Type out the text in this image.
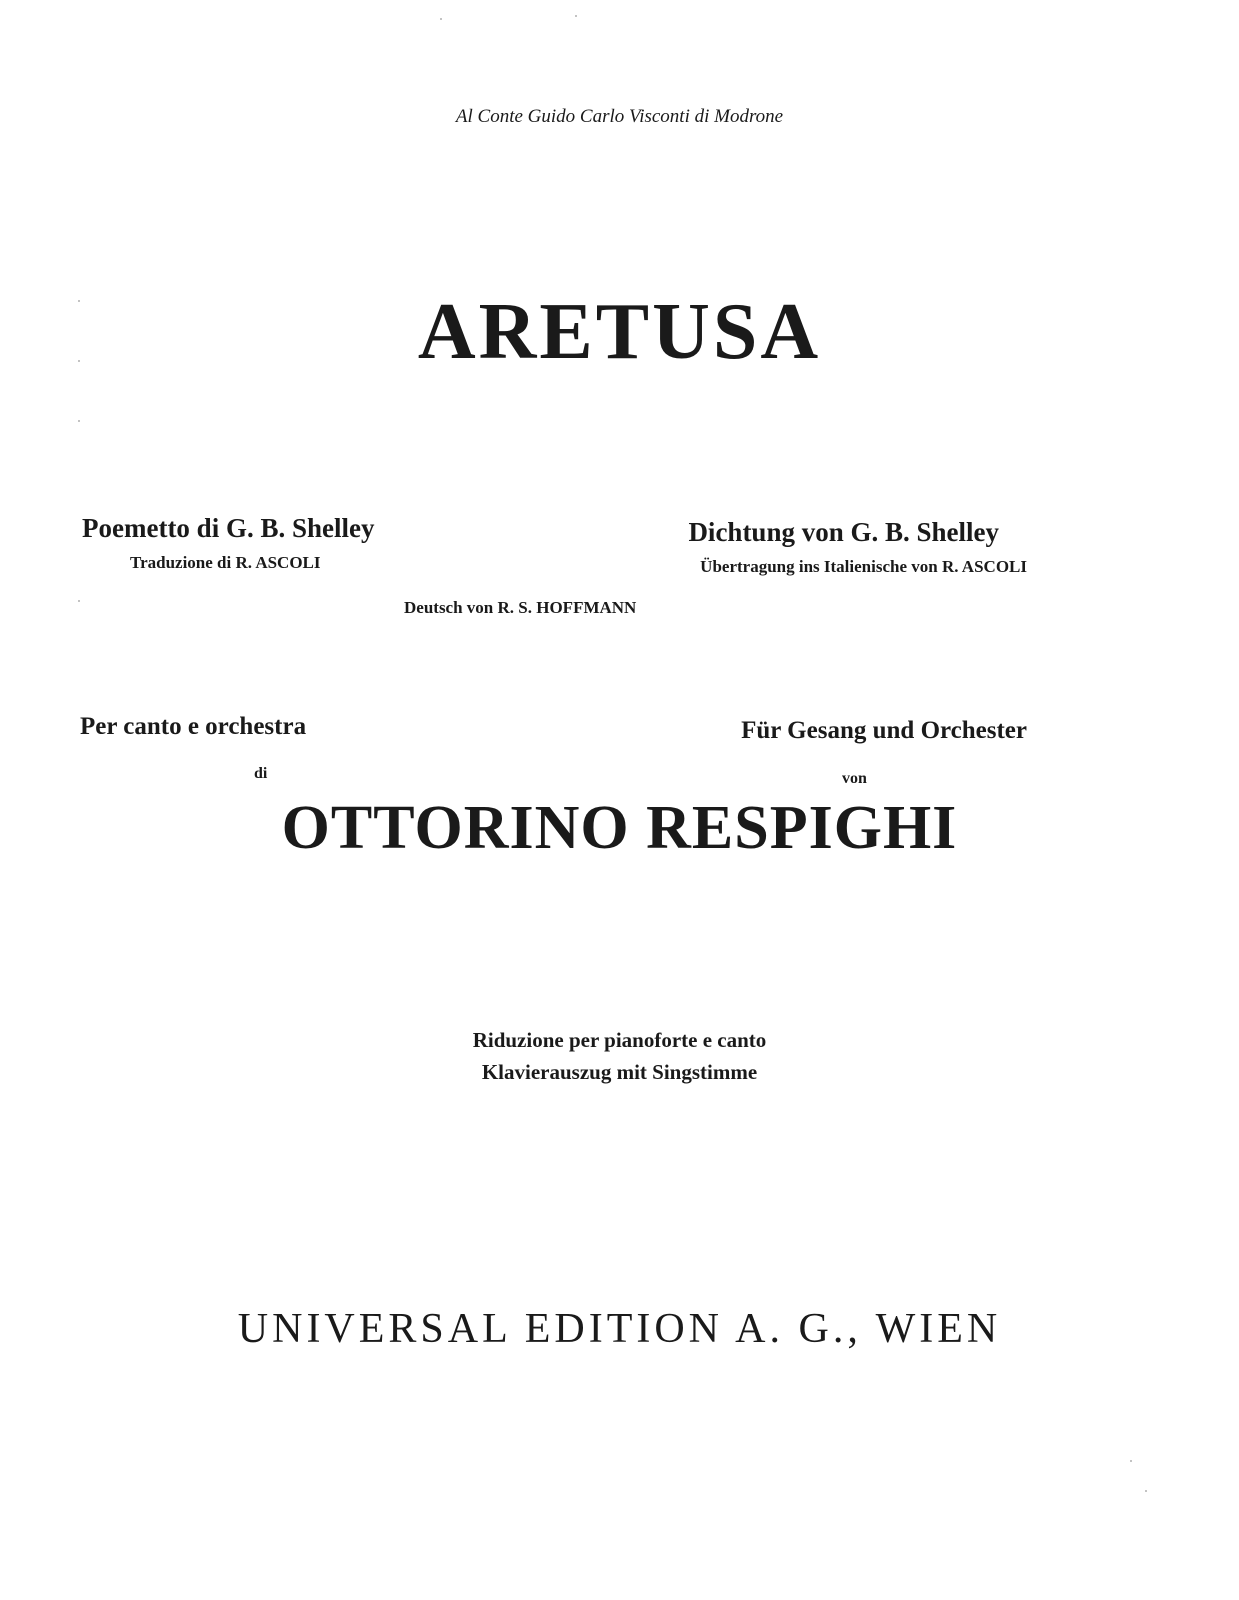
Al Conte Guido Carlo Visconti di Modrone
ARETUSA
Poemetto di G. B. Shelley
Traduzione di R. ASCOLI
Dichtung von G. B. Shelley
Übertragung ins Italienische von R. ASCOLI
Deutsch von R. S. HOFFMANN
Per canto e orchestra	Für Gesang und Orchester
di	von
OTTORINO RESPIGHI
Riduzione per pianoforte e canto
Klavierauszug mit Singstimme
UNIVERSAL EDITION A. G., WIEN
